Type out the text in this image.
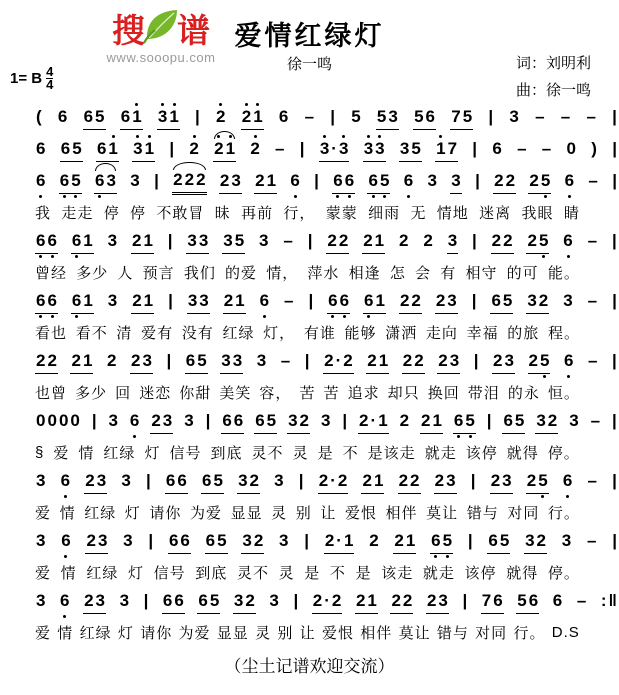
搜 谱
www.sooopu.com
爱情红绿灯
徐一鸣	词：刘明利
曲：徐一鸣
1= B $\frac{4}{4}$
( 6 6 5 6 1 3 1 | 2 2 1 6 – | 5 5 3 5 6 7 5 | 3 – – – |
6 6 5 6 1 3 1 | 2 2 1 2 – | 3 · 3 3 3 3 5 1 7 | 6 – – 0 ) |
6 6 5 6 3 3 | 2 2 2 2 3 2 1 6 | 6 6 6 5 6 3 3 | 2 2 2 5 6 – |
我 走走 停 停 不敢冒 昧 再前 行， 蒙蒙 细雨 无 情地 迷离 我眼 睛
6 6 6 1 3 2 1 | 3 3 3 5 3 – | 2 2 2 1 2 2 3 | 2 2 2 5 6 – |
曾经 多少 人 预言 我们 的爱 情， 萍水 相逢 怎 会 有 相守 的可 能。
6 6 6 1 3 2 1 | 3 3 2 1 6 – | 6 6 6 1 2 2 2 3 | 6 5 3 2 3 – |
看也 看不 清 爱有 没有 红绿 灯， 有谁 能够 潇洒 走向 幸福 的旅 程。
2 2 2 1 2 2 3 | 6 5 3 3 3 – | 2 · 2 2 1 2 2 2 3 | 2 3 2 5 6 – |
也曾 多少 回 迷恋 你甜 美笑 容， 苦 苦 追求 却只 换回 带泪 的永 恒。
0 0 0 0 | 3 6 2 3 3 | 6 6 6 5 3 2 3 | 2 · 1 2 2 1 6 5 | 6 5 3 2 3 – |
§ 爱 情 红绿 灯 信号 到底 灵不 灵 是 不 是该走 就走 该停 就得 停。
3 6 2 3 3 | 6 6 6 5 3 2 3 | 2 · 2 2 1 2 2 2 3 | 2 3 2 5 6 – |
爱 情 红绿 灯 请你 为爱 显显 灵 别 让 爱恨 相伴 莫让 错与 对同 行。
3 6 2 3 3 | 6 6 6 5 3 2 3 | 2 · 1 2 2 1 6 5 | 6 5 3 2 3 – |
爱 情 红绿 灯 信号 到底 灵不 灵 是 不 是 该走 就走 该停 就得 停。
3 6 2 3 3 | 6 6 6 5 3 2 3 | 2 · 2 2 1 2 2 2 3 | 7 6 5 6 6 – : ‖
爱 情 红绿 灯 请你 为爱 显显 灵 别 让 爱恨 相伴 莫让 错与 对同 行。 D.S
（尘土记谱欢迎交流）
